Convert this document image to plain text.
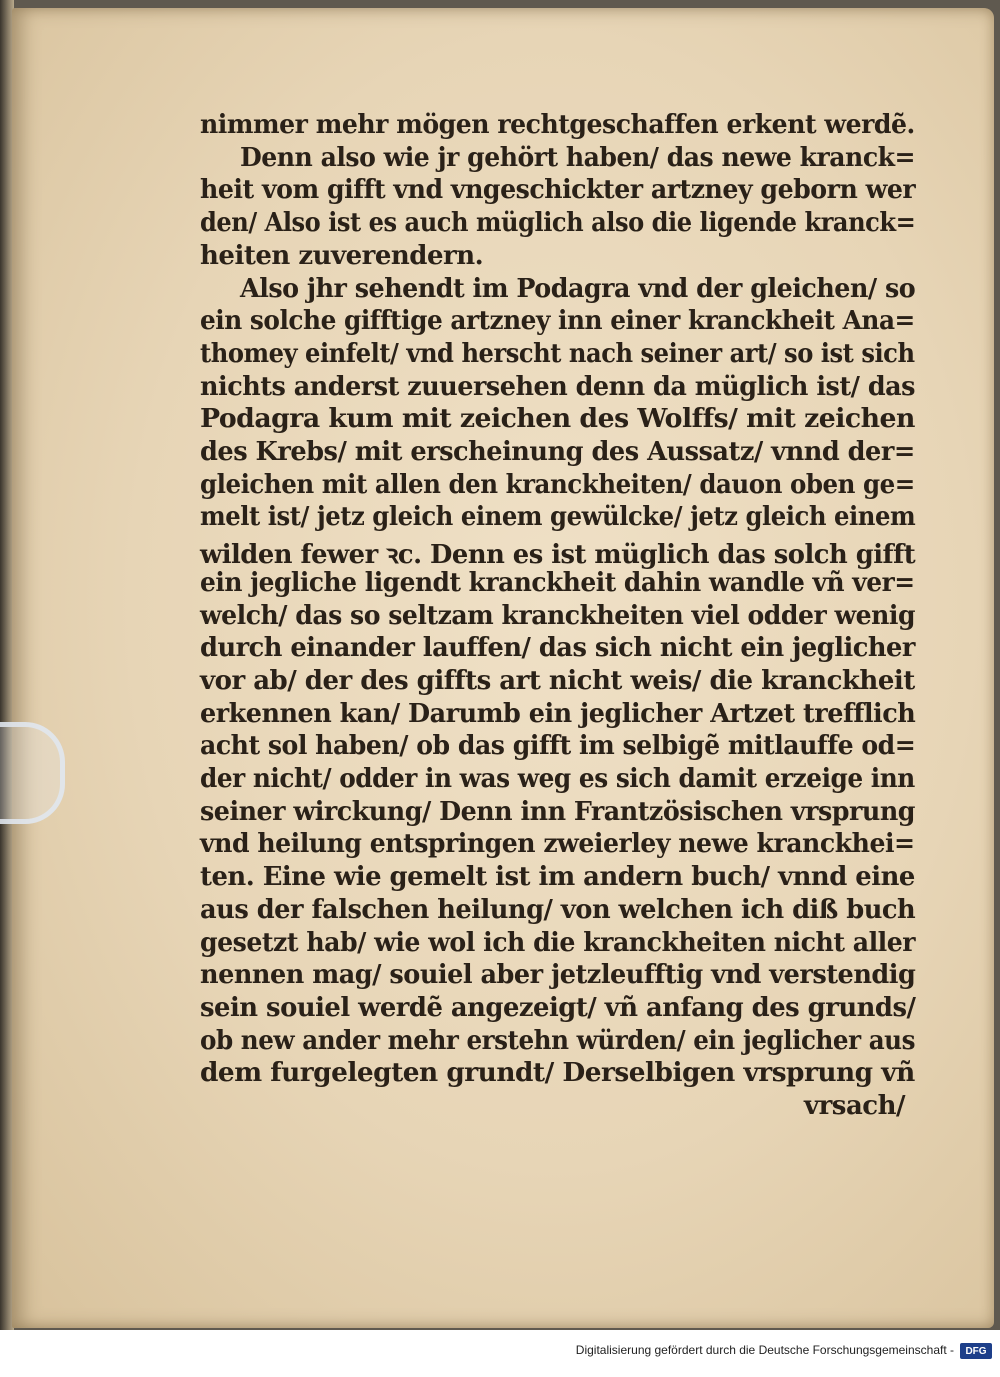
nimmer mehr mögen rechtgeschaffen erkent werdẽ.
Denn also wie jr gehört haben/ das newe kranck=
heit vom gifft vnd vngeschickter artzney geborn wer
den/ Also ist es auch müglich also die ligende kranck=
heiten zuverendern.
Also jhr sehendt im Podagra vnd der gleichen/ so
ein solche gifftige artzney inn einer kranckheit Ana=
thomey einfelt/ vnd herscht nach seiner art/ so ist sich
nichts anderst zuuersehen denn da müglich ist/ das
Podagra kum mit zeichen des Wolffs/ mit zeichen
des Krebs/ mit erscheinung des Aussatz/ vnnd der=
gleichen mit allen den kranckheiten/ dauon oben ge=
melt ist/ jetz gleich einem gewülcke/ jetz gleich einem
wilden fewer ꝛc. Denn es ist müglich das solch gifft
ein jegliche ligendt kranckheit dahin wandle vñ ver=
welch/ das so seltzam kranckheiten viel odder wenig
durch einander lauffen/ das sich nicht ein jeglicher
vor ab/ der des giffts art nicht weis/ die kranckheit
erkennen kan/ Darumb ein jeglicher Artzet trefflich
acht sol haben/ ob das gifft im selbigẽ mitlauffe od=
der nicht/ odder in was weg es sich damit erzeige inn
seiner wirckung/ Denn inn Frantzösischen vrsprung
vnd heilung entspringen zweierley newe kranckhei=
ten. Eine wie gemelt ist im andern buch/ vnnd eine
aus der falschen heilung/ von welchen ich diß buch
gesetzt hab/ wie wol ich die kranckheiten nicht aller
nennen mag/ souiel aber jetzleufftig vnd verstendig
sein souiel werdẽ angezeigt/ vñ anfang des grunds/
ob new ander mehr erstehn würden/ ein jeglicher aus
dem furgelegten grundt/ Derselbigen vrsprung vñ
vrsach/
Digitalisierung gefördert durch die Deutsche Forschungsgemeinschaft -	DFG
